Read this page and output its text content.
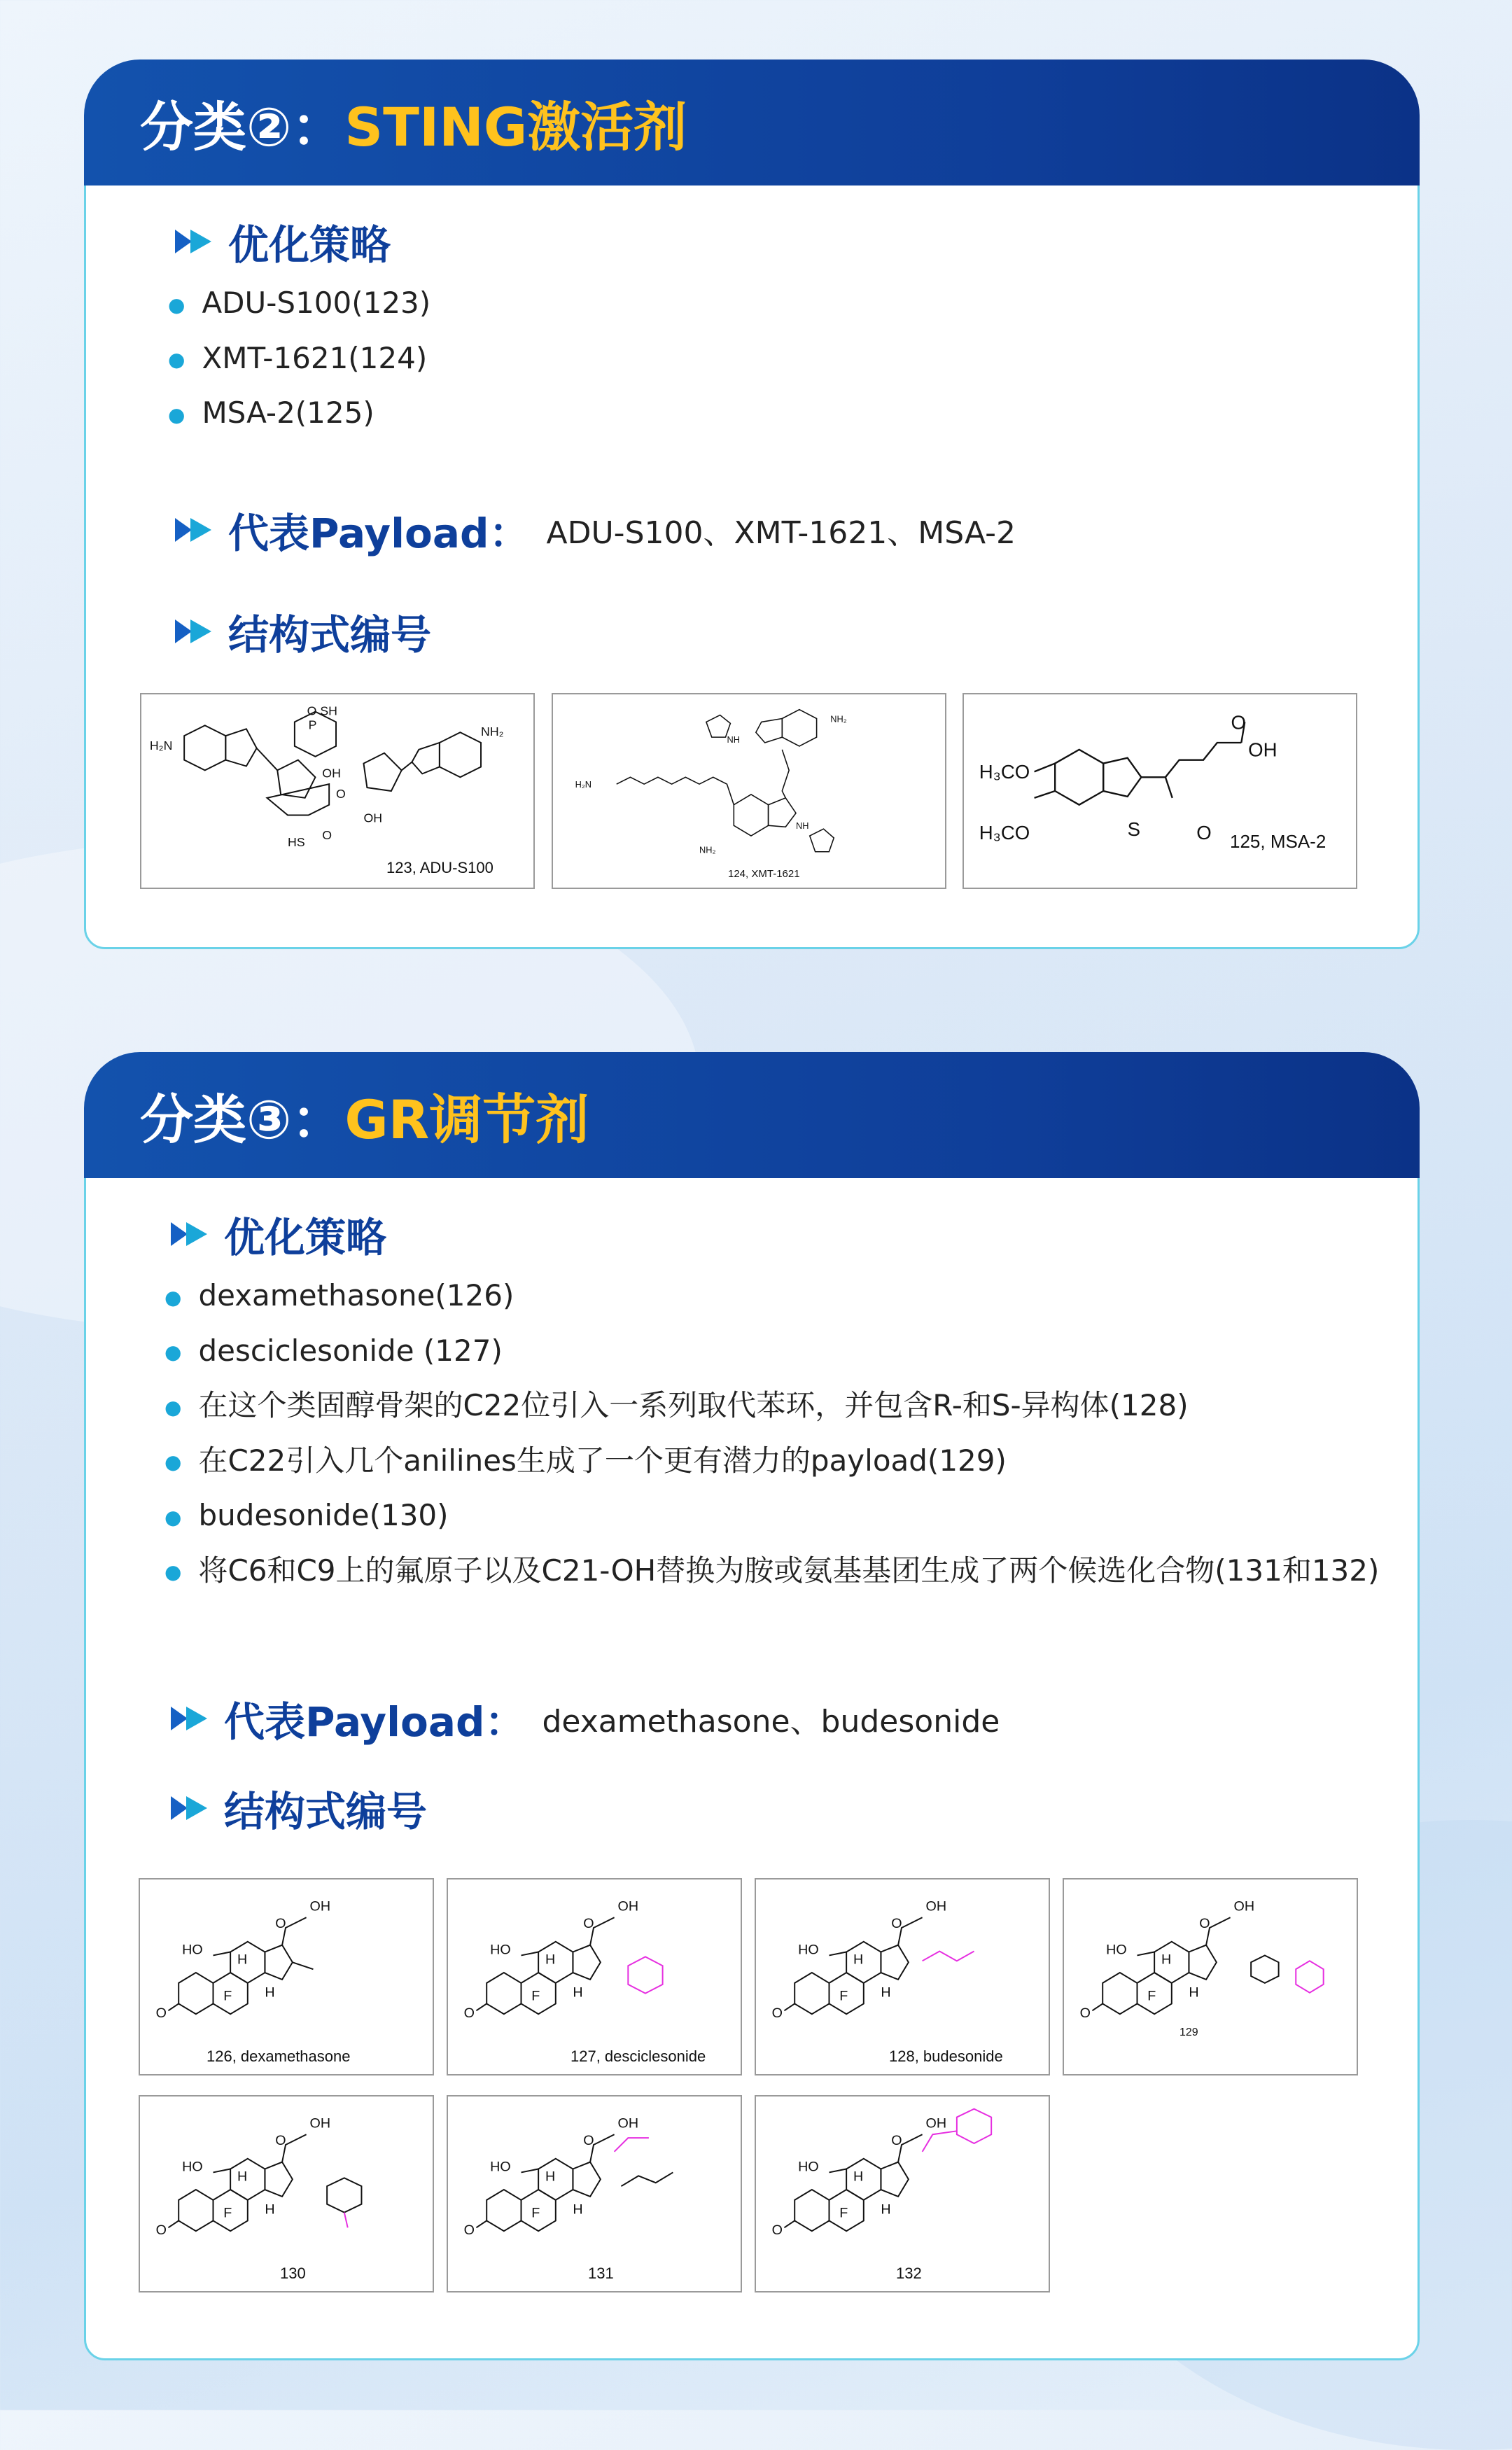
分类②： STING激活剂
优化策略
● ADU-S100(123)
● XMT-1621(124)
● MSA-2(125)
代表Payload： ADU-S100、XMT-1621、MSA-2
结构式编号
H₂N
O SH
P	NH₂
O
OH
O
HS
OH
123, ADU-S100
H₂N
NH₂
NH₂
NH
NH
124, XMT-1621
H₃CO
H₃CO	S
O
OH
O 125, MSA-2
分类③： GR调节剂
优化策略
● dexamethasone(126)
● desciclesonide (127)
● 在这个类固醇骨架的C22位引入一系列取代苯环，并包含R-和S-异构体(128)
● 在C22引入几个anilines生成了一个更有潜力的payload(129)
● budesonide(130)
● 将C6和C9上的氟原子以及C21-OH替换为胺或氨基基团生成了两个候选化合物(131和132)
代表Payload： dexamethasone、budesonide
结构式编号
HO
O
F
H
H
OH
O
126, dexamethasone
HO
O
F
H
H
OH
O
127, desciclesonide
HO
O
F
H
H
OH
O
128, budesonide
HO
O
F
H
H
OH
O
129
HO
O
F
H
H
OH
O
130
HO
O
F
H
H
OH
O
131
HO
O
F
H
H
OH
O
132
